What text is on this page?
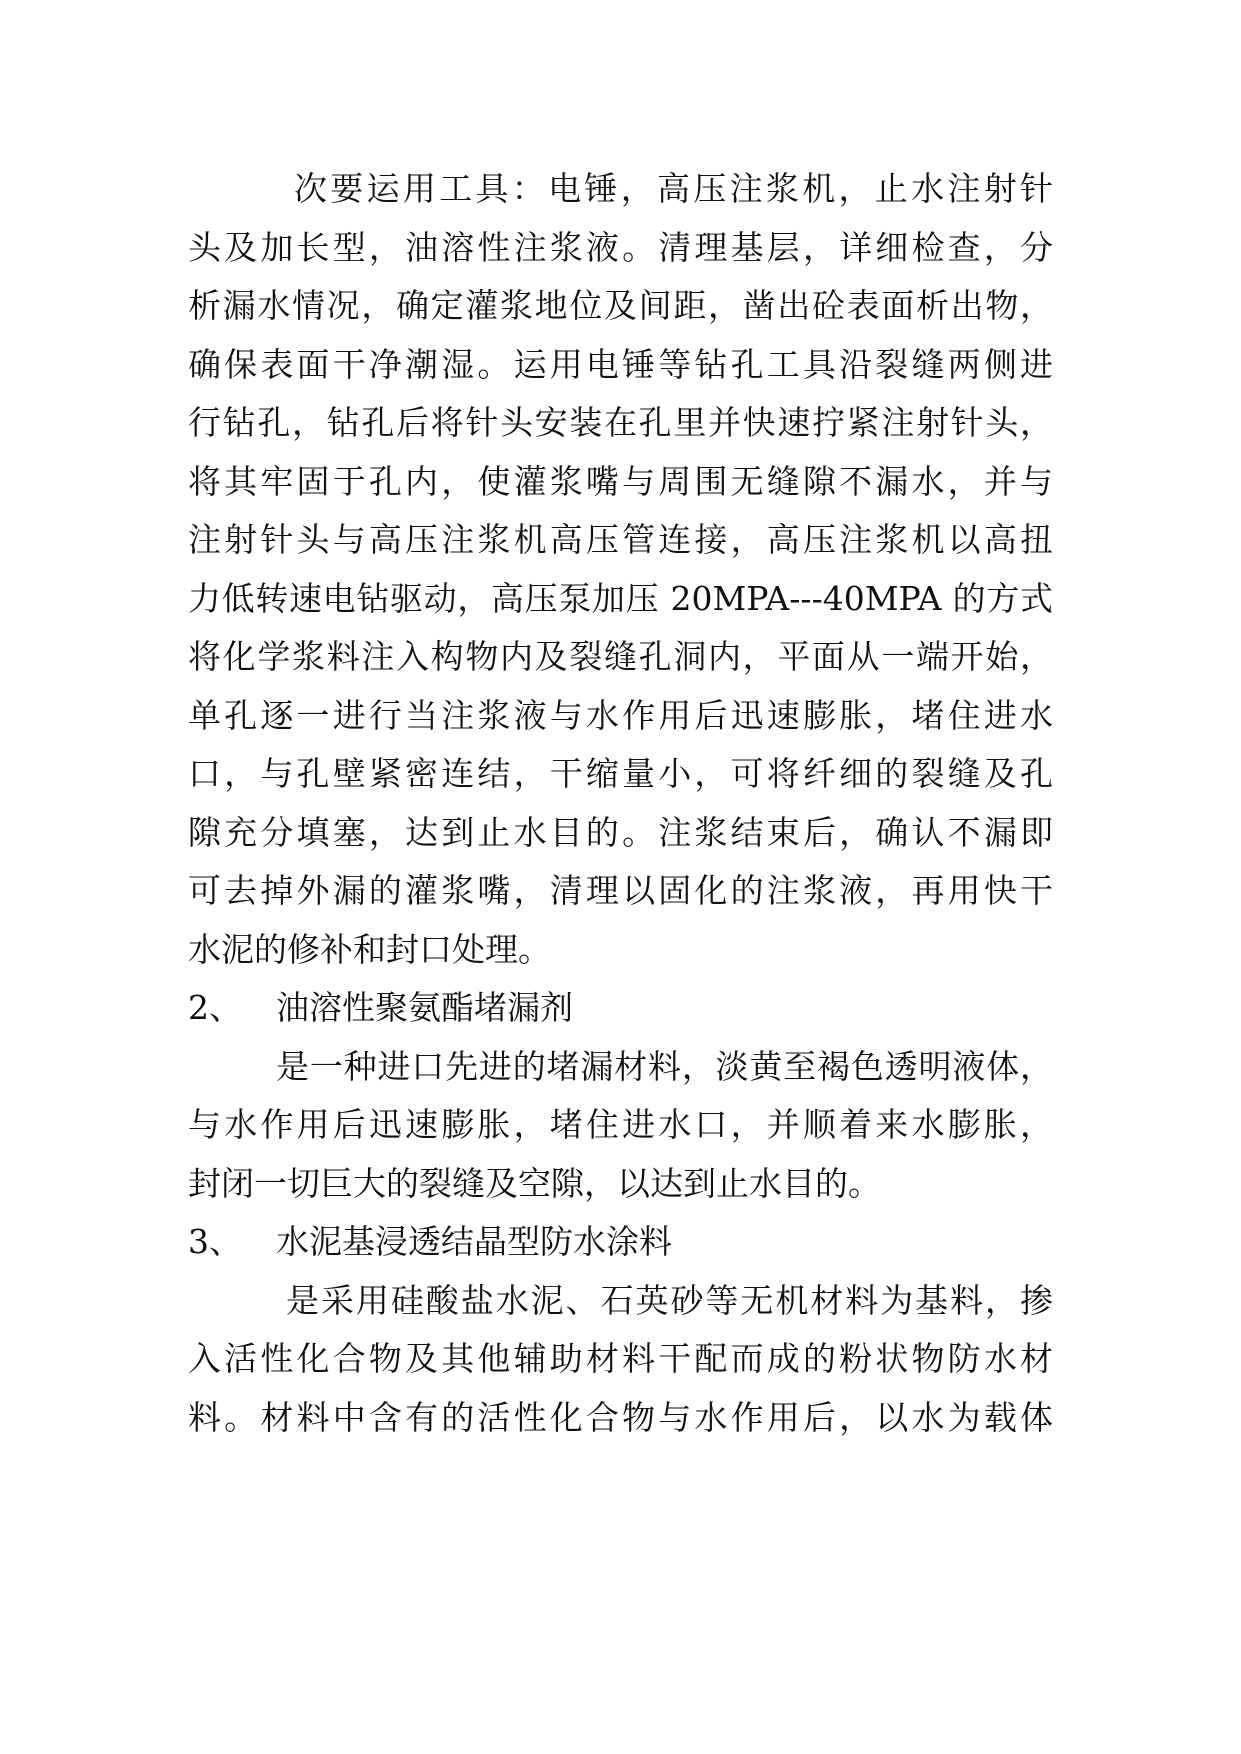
次要运用工具：电锤，高压注浆机，止水注射针
头及加长型，油溶性注浆液。清理基层，详细检查，分
析漏水情况，确定灌浆地位及间距，凿出砼表面析出物，
确保表面干净潮湿。运用电锤等钻孔工具沿裂缝两侧进
行钻孔，钻孔后将针头安装在孔里并快速拧紧注射针头，
将其牢固于孔内，使灌浆嘴与周围无缝隙不漏水，并与
注射针头与高压注浆机高压管连接，高压注浆机以高扭
力低转速电钻驱动，高压泵加压 20MPA---40MPA 的方式
将化学浆料注入构物内及裂缝孔洞内，平面从一端开始，
单孔逐一进行当注浆液与水作用后迅速膨胀，堵住进水
口，与孔壁紧密连结，干缩量小，可将纤细的裂缝及孔
隙充分填塞，达到止水目的。注浆结束后，确认不漏即
可去掉外漏的灌浆嘴，清理以固化的注浆液，再用快干
水泥的修补和封口处理。
2、	油溶性聚氨酯堵漏剂
是一种进口先进的堵漏材料，淡黄至褐色透明液体，
与水作用后迅速膨胀，堵住进水口，并顺着来水膨胀，
封闭一切巨大的裂缝及空隙，以达到止水目的。
3、	水泥基浸透结晶型防水涂料
是采用硅酸盐水泥、石英砂等无机材料为基料，掺
入活性化合物及其他辅助材料干配而成的粉状物防水材
料。材料中含有的活性化合物与水作用后，以水为载体
